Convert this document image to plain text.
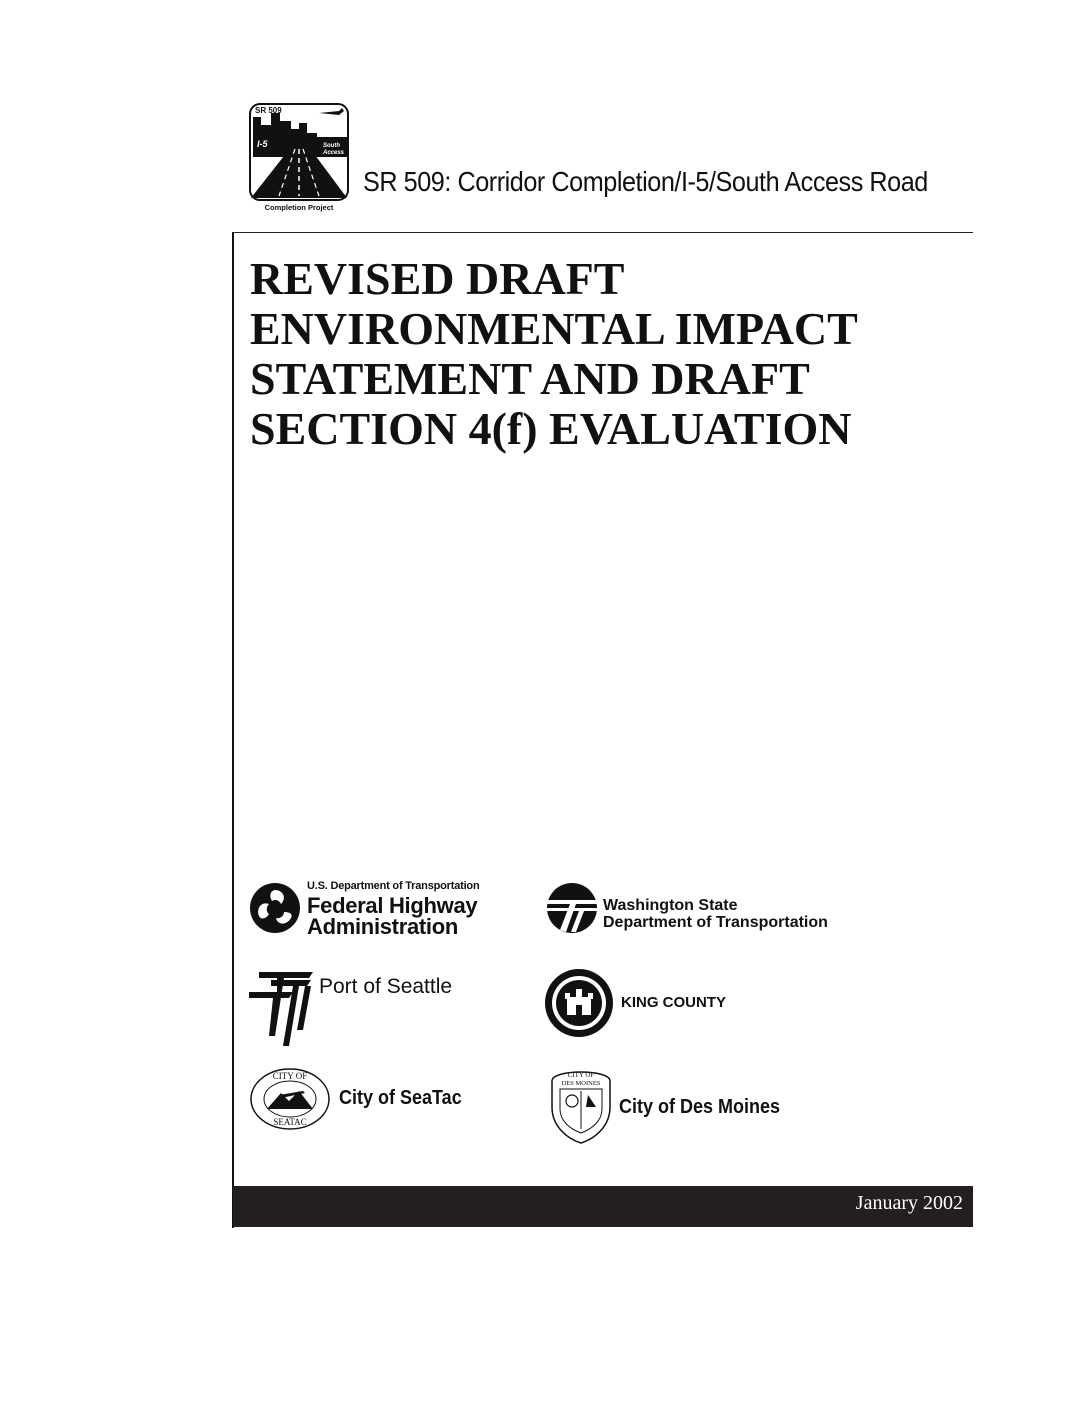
SR 509
I-5	South
Access
Completion Project
SR 509: Corridor Completion/I-5/South Access Road
REVISED DRAFT
ENVIRONMENTAL IMPACT
STATEMENT AND DRAFT
SECTION 4(f) EVALUATION
U.S. Department of Transportation
Federal Highway
Administration
Washington State
Department of Transportation
Port of Seattle
KING COUNTY
CITY OF
SEATAC
City of SeaTac
CITY OF
DES MOINES
City of Des Moines
January 2002
